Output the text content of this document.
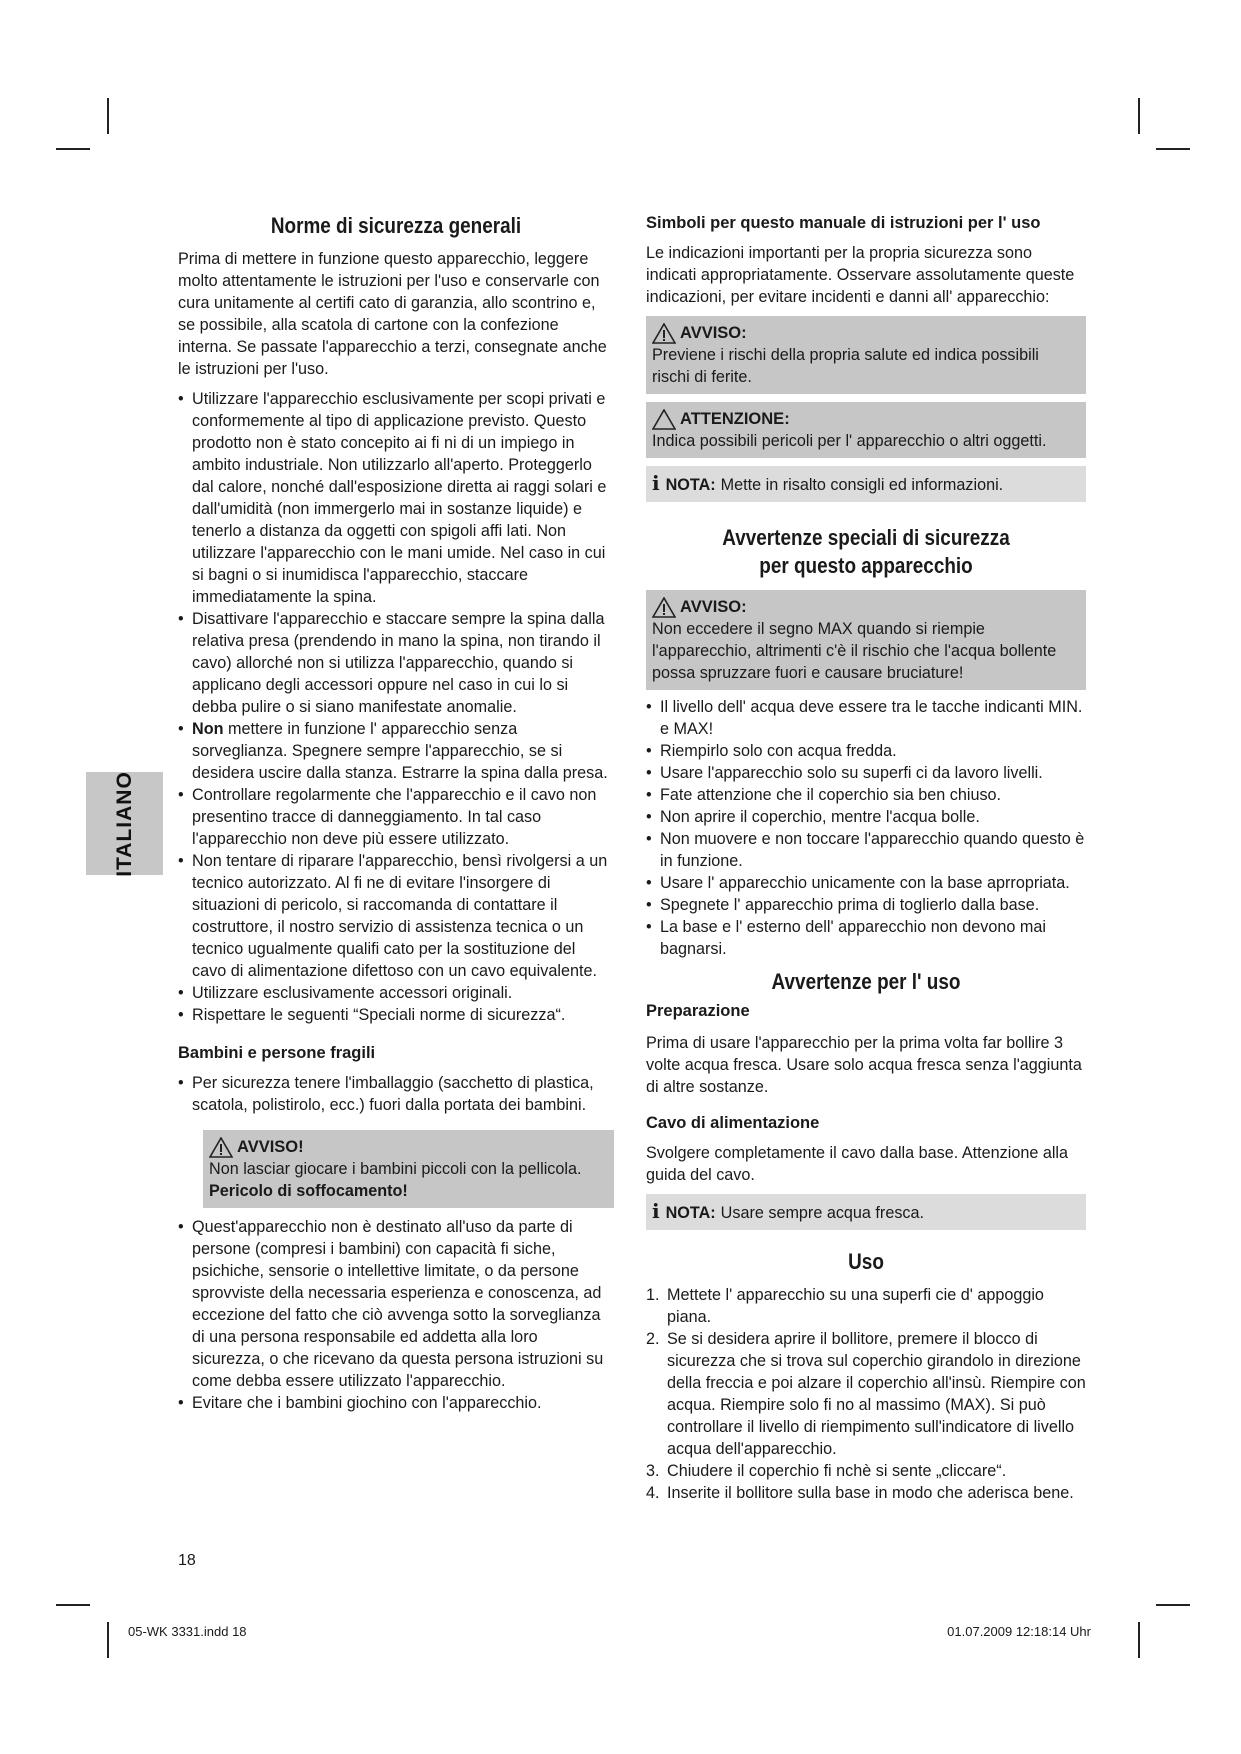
ITALIANO
Norme di sicurezza generali

Prima di mettere in funzione questo apparecchio, leggere molto attentamente le istruzioni per l'uso e conservarle con cura unitamente al certifi cato di garanzia, allo scontrino e, se possibile, alla scatola di cartone con la confezione interna. Se passate l'apparecchio a terzi, consegnate anche le istruzioni per l'uso.

• Utilizzare l'apparecchio esclusivamente per scopi privati e conformemente al tipo di applicazione previsto. Questo prodotto non è stato concepito ai fi ni di un impiego in ambito industriale. Non utilizzarlo all'aperto. Proteggerlo dal calore, nonché dall'esposizione diretta ai raggi solari e dall'umidità (non immergerlo mai in sostanze liquide) e tenerlo a distanza da oggetti con spigoli affi lati. Non utilizzare l'apparecchio con le mani umide. Nel caso in cui si bagni o si inumidisca l'apparecchio, staccare immediatamente la spina.
• Disattivare l'apparecchio e staccare sempre la spina dalla relativa presa (prendendo in mano la spina, non tirando il cavo) allorché non si utilizza l'apparecchio, quando si applicano degli accessori oppure nel caso in cui lo si debba pulire o si siano manifestate anomalie.
• Non mettere in funzione l' apparecchio senza sorveglianza. Spegnere sempre l'apparecchio, se si desidera uscire dalla stanza. Estrarre la spina dalla presa.
• Controllare regolarmente che l'apparecchio e il cavo non presentino tracce di danneggiamento. In tal caso l'apparecchio non deve più essere utilizzato.
• Non tentare di riparare l'apparecchio, bensì rivolgersi a un tecnico autorizzato. Al fi ne di evitare l'insorgere di situazioni di pericolo, si raccomanda di contattare il costruttore, il nostro servizio di assistenza tecnica o un tecnico ugualmente qualifi cato per la sostituzione del cavo di alimentazione difettoso con un cavo equivalente.
• Utilizzare esclusivamente accessori originali.
• Rispettare le seguenti “Speciali norme di sicurezza“.
Bambini e persone fragili
• Per sicurezza tenere l'imballaggio (sacchetto di plastica, scatola, polistirolo, ecc.) fuori dalla portata dei bambini.
AVVISO!

Non lasciar giocare i bambini piccoli con la pellicola.

Pericolo di soffocamento!

• Quest'apparecchio non è destinato all'uso da parte di persone (compresi i bambini) con capacità fi siche, psichiche, sensorie o intellettive limitate, o da persone sprovviste della necessaria esperienza e conoscenza, ad eccezione del fatto che ciò avvenga sotto la sorveglianza di una persona responsabile ed addetta alla loro sicurezza, o che ricevano da questa persona istruzioni su come debba essere utilizzato l'apparecchio.
• Evitare che i bambini giochino con l'apparecchio.
Simboli per questo manuale di istruzioni per l' uso

Le indicazioni importanti per la propria sicurezza sono indicati appropriatamente. Osservare assolutamente queste indicazioni, per evitare incidenti e danni all' apparecchio:

AVVISO:

Previene i rischi della propria salute ed indica possibili rischi di ferite.

ATTENZIONE:

Indica possibili pericoli per l' apparecchio o altri oggetti.

i NOTA: Mette in risalto consigli ed informazioni.
Avvertenze speciali di sicurezza
per questo apparecchio
AVVISO:

Non eccedere il segno MAX quando si riempie l'apparecchio, altrimenti c'è il rischio che l'acqua bollente possa spruzzare fuori e causare bruciature!

• Il livello dell' acqua deve essere tra le tacche indicanti MIN. e MAX!
• Riempirlo solo con acqua fredda.
• Usare l'apparecchio solo su superfi ci da lavoro livelli.
• Fate attenzione che il coperchio sia ben chiuso.
• Non aprire il coperchio, mentre l'acqua bolle.
• Non muovere e non toccare l'apparecchio quando questo è in funzione.
• Usare l' apparecchio unicamente con la base aprropriata.
• Spegnete l' apparecchio prima di toglierlo dalla base.
• La base e l' esterno dell' apparecchio non devono mai bagnarsi.
Avvertenze per l' uso
Preparazione

Prima di usare l'apparecchio per la prima volta far bollire 3 volte acqua fresca. Usare solo acqua fresca senza l'aggiunta di altre sostanze.

Cavo di alimentazione

Svolgere completamente il cavo dalla base. Attenzione alla guida del cavo.

i NOTA: Usare sempre acqua fresca.
Uso
1. Mettete l' apparecchio su una superfi cie d' appoggio piana.
2. Se si desidera aprire il bollitore, premere il blocco di sicurezza che si trova sul coperchio girandolo in direzione della freccia e poi alzare il coperchio all'insù. Riempire con acqua. Riempire solo fi no al massimo (MAX). Si può controllare il livello di riempimento sull'indicatore di livello acqua dell'apparecchio.
3. Chiudere il coperchio fi nchè si sente „cliccare“.
4. Inserite il bollitore sulla base in modo che aderisca bene.
18
05-WK 3331.indd 18	01.07.2009 12:18:14 Uhr
